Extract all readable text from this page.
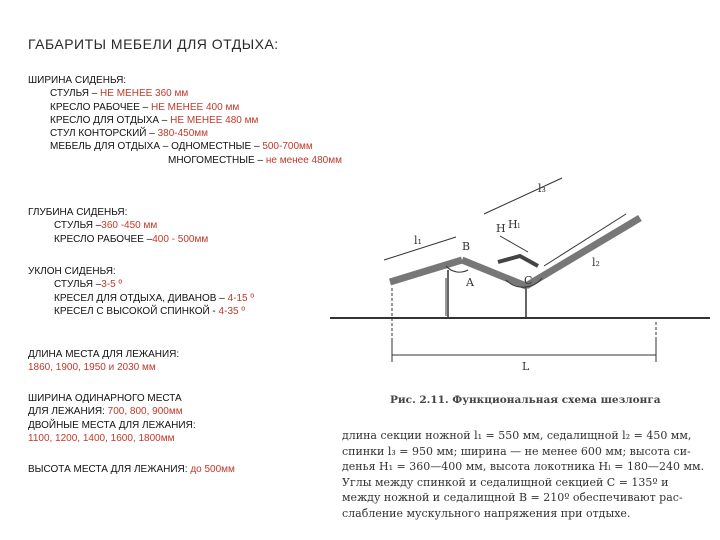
ГАБАРИТЫ МЕБЕЛИ ДЛЯ ОТДЫХА:
ШИРИНА СИДЕНЬЯ:
СТУЛЬЯ – НЕ МЕНЕЕ 360 мм
КРЕСЛО РАБОЧЕЕ – НЕ МЕНЕЕ 400 мм
КРЕСЛО ДЛЯ ОТДЫХА – НЕ МЕНЕЕ 480 мм
СТУЛ КОНТОРСКИЙ – 380-450мм
МЕБЕЛЬ ДЛЯ ОТДЫХА – ОДНОМЕСТНЫЕ – 500-700мм
МНОГОМЕСТНЫЕ – не менее 480мм
ГЛУБИНА СИДЕНЬЯ:
СТУЛЬЯ –360 -450 мм
КРЕСЛО РАБОЧЕЕ –400 - 500мм
УКЛОН СИДЕНЬЯ:
СТУЛЬЯ –3-5 º
КРЕСЕЛ ДЛЯ ОТДЫХА, ДИВАНОВ – 4-15 º
КРЕСЕЛ С ВЫСОКОЙ СПИНКОЙ - 4-35 º
ДЛИНА МЕСТА ДЛЯ ЛЕЖАНИЯ:
1860, 1900, 1950 и 2030 мм
ШИРИНА ОДИНАРНОГО МЕСТА
ДЛЯ ЛЕЖАНИЯ: 700, 800, 900мм
ДВОЙНЫЕ МЕСТА ДЛЯ ЛЕЖАНИЯ:
1100, 1200, 1400, 1600, 1800мм
ВЫСОТА МЕСТА ДЛЯ ЛЕЖАНИЯ: до 500мм
l₁
l₃
l₂
H Hₗ
B
A	C
L
Рис. 2.11. Функциональная схема шезлонга
длина секции ножной l₁ = 550 мм, седалищной l₂ = 450 мм,
спинки l₃ = 950 мм; ширина — не менее 600 мм; высота си-
денья H₁ = 360—400 мм, высота локотника Hₗ = 180—240 мм.
Углы между спинкой и седалищной секцией C = 135º и
между ножной и седалищной B = 210º обеспечивают рас-
слабление мускульного напряжения при отдыхе.
